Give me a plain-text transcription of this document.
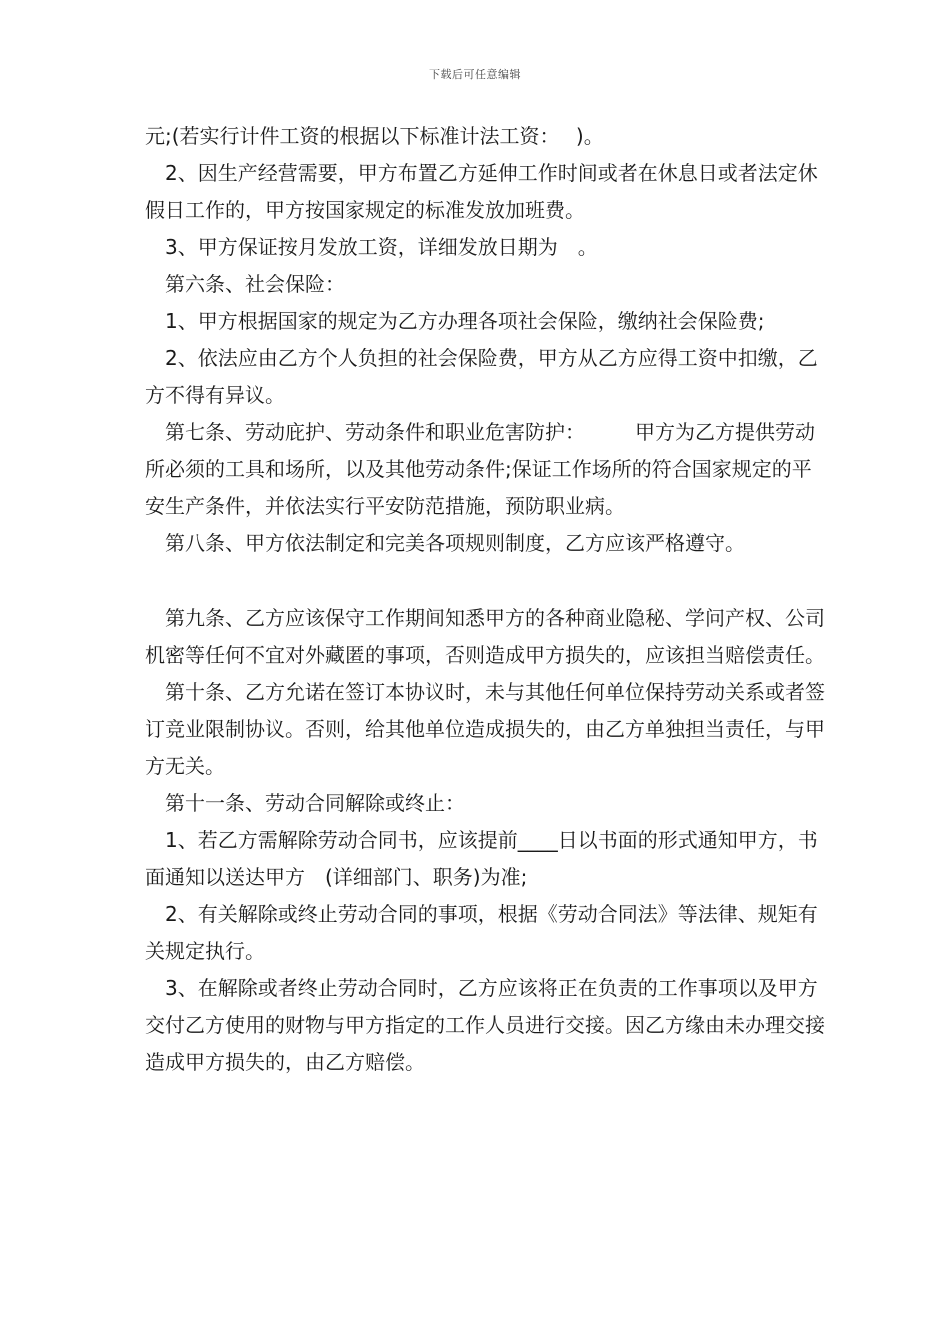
下载后可任意编辑

元;(若实行计件工资的根据以下标准计法工资：　 )。

2、因生产经营需要，甲方布置乙方延伸工作时间或者在休息日或者法定休假日工作的，甲方按国家规定的标准发放加班费。

3、甲方保证按月发放工资，详细发放日期为　。

第六条、社会保险：

1、甲方根据国家的规定为乙方办理各项社会保险，缴纳社会保险费;

2、依法应由乙方个人负担的社会保险费，甲方从乙方应得工资中扣缴，乙方不得有异议。

第七条、劳动庇护、劳动条件和职业危害防护：　　　甲方为乙方提供劳动所必须的工具和场所，以及其他劳动条件;保证工作场所的符合国家规定的平安生产条件，并依法实行平安防范措施，预防职业病。

第八条、甲方依法制定和完美各项规则制度，乙方应该严格遵守。

第九条、乙方应该保守工作期间知悉甲方的各种商业隐秘、学问产权、公司机密等任何不宜对外藏匿的事项，否则造成甲方损失的，应该担当赔偿责任。

第十条、乙方允诺在签订本协议时，未与其他任何单位保持劳动关系或者签订竞业限制协议。否则，给其他单位造成损失的，由乙方单独担当责任，与甲方无关。

第十一条、劳动合同解除或终止：

1、若乙方需解除劳动合同书，应该提前____日以书面的形式通知甲方，书面通知以送达甲方　(详细部门、职务)为准;

2、有关解除或终止劳动合同的事项，根据《劳动合同法》等法律、规矩有关规定执行。

3、在解除或者终止劳动合同时，乙方应该将正在负责的工作事项以及甲方交付乙方使用的财物与甲方指定的工作人员进行交接。因乙方缘由未办理交接造成甲方损失的，由乙方赔偿。
